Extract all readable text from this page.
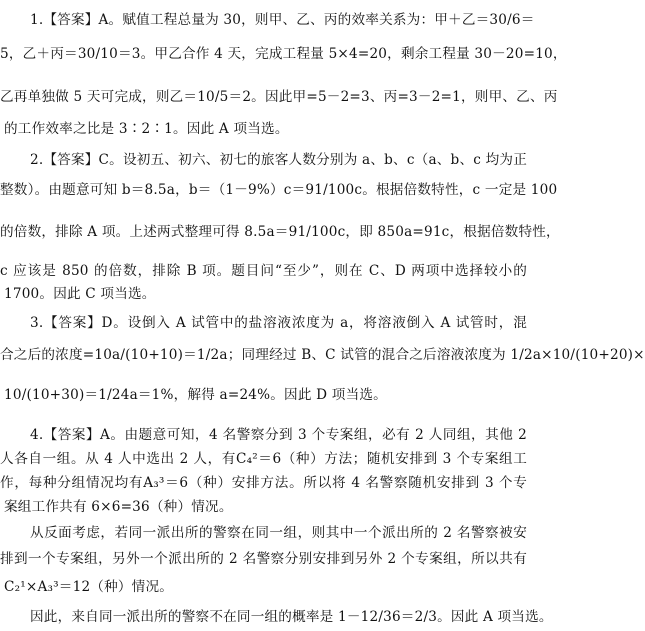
1.【答案】A。赋值工程总量为 30，则甲、乙、丙的效率关系为：甲＋乙＝30/6＝
5，乙＋丙＝30/10＝3。甲乙合作 4 天，完成工程量 5×4=20，剩余工程量 30－20=10，
乙再单独做 5 天可完成，则乙＝10/5＝2。因此甲=5－2=3、丙=3－2=1，则甲、乙、丙
的工作效率之比是 3∶2∶1。因此 A 项当选。
2.【答案】C。设初五、初六、初七的旅客人数分别为 a、b、c（a、b、c 均为正
整数）。由题意可知 b＝8.5a，b＝（1－9%）c＝91/100c。根据倍数特性，c 一定是 100
的倍数，排除 A 项。上述两式整理可得 8.5a＝91/100c，即 850a=91c，根据倍数特性，
c 应该是 850 的倍数，排除 B 项。题目问“至少”，则在 C、D 两项中选择较小的
1700。因此 C 项当选。
3.【答案】D。设倒入 A 试管中的盐溶液浓度为 a，将溶液倒入 A 试管时，混
合之后的浓度=10a/(10+10)＝1/2a；同理经过 B、C 试管的混合之后溶液浓度为 1/2a×10/(10+20)×
10/(10+30)＝1/24a＝1%，解得 a=24%。因此 D 项当选。
4.【答案】A。由题意可知，4 名警察分到 3 个专案组，必有 2 人同组，其他 2
人各自一组。从 4 人中选出 2 人，有C₄²＝6（种）方法；随机安排到 3 个专案组工
作，每种分组情况均有A₃³＝6（种）安排方法。所以将 4 名警察随机安排到 3 个专
案组工作共有 6×6=36（种）情况。
从反面考虑，若同一派出所的警察在同一组，则其中一个派出所的 2 名警察被安
排到一个专案组，另外一个派出所的 2 名警察分别安排到另外 2 个专案组，所以共有
C₂¹×A₃³＝12（种）情况。
因此，来自同一派出所的警察不在同一组的概率是 1－12/36＝2/3。因此 A 项当选。
